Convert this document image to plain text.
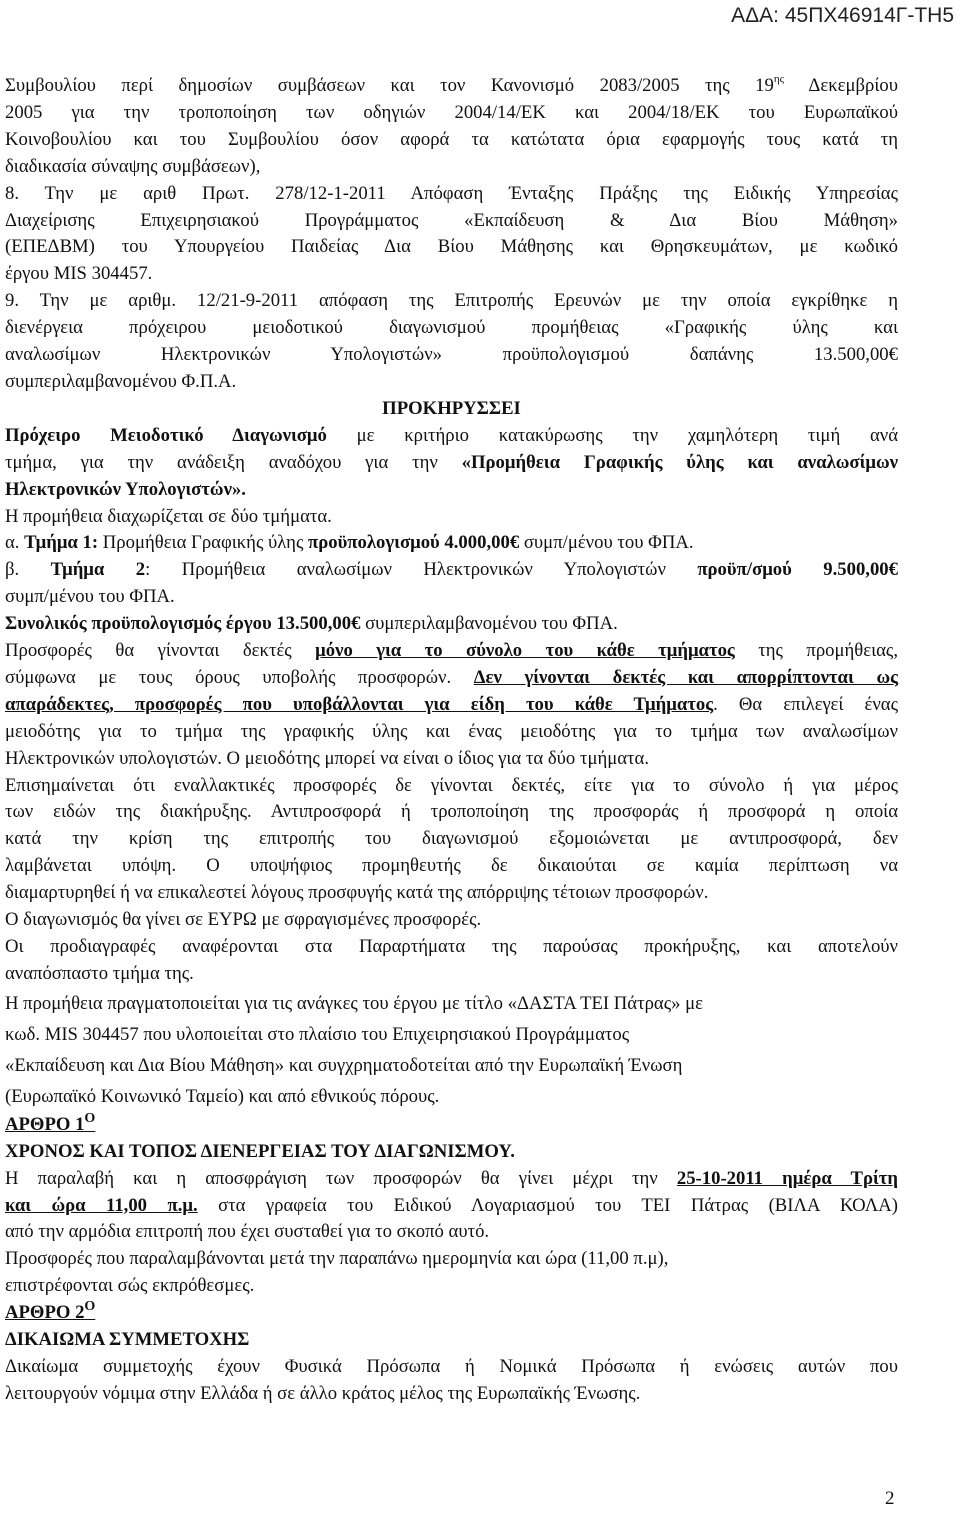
ΑΔΑ: 45ΠΧ46914Γ-ΤΗ5

Συμβουλίου περί δημοσίων συμβάσεων και τον Κανονισμό 2083/2005 της $19^{\eta\varsigma}$ Δεκεμβρίου

2005 για την τροποποίηση των οδηγιών 2004/14/ΕΚ και 2004/18/ΕΚ του Ευρωπαϊκού

Κοινοβουλίου και του Συμβουλίου όσον αφορά τα κατώτατα όρια εφαρμογής τους κατά τη

διαδικασία σύναψης συμβάσεων),

8. Την με αριθ Πρωτ. 278/12-1-2011 Απόφαση Ένταξης Πράξης της Ειδικής Υπηρεσίας

Διαχείρισης Επιχειρησιακού Προγράμματος «Εκπαίδευση & Δια Βίου Μάθηση»

(ΕΠΕΔΒΜ) του Υπουργείου Παιδείας Δια Βίου Μάθησης και Θρησκευμάτων, με κωδικό

έργου MIS 304457.

9. Την με αριθμ. 12/21-9-2011 απόφαση της Επιτροπής Ερευνών με την οποία εγκρίθηκε η

διενέργεια πρόχειρου μειοδοτικού διαγωνισμού προμήθειας «Γραφικής ύλης και

αναλωσίμων Ηλεκτρονικών Υπολογιστών» προϋπολογισμού δαπάνης 13.500,00€

συμπεριλαμβανομένου Φ.Π.Α.

ΠΡΟΚΗΡΥΣΣΕΙ

Πρόχειρο Μειοδοτικό Διαγωνισμό με κριτήριο κατακύρωσης την χαμηλότερη τιμή ανά

τμήμα, για την ανάδειξη αναδόχου για την «Προμήθεια Γραφικής ύλης και αναλωσίμων

Ηλεκτρονικών Υπολογιστών».

Η προμήθεια διαχωρίζεται σε δύο τμήματα.

α. Τμήμα 1: Προμήθεια Γραφικής ύλης προϋπολογισμού 4.000,00€ συμπ/μένου του ΦΠΑ.

β. Τμήμα 2: Προμήθεια αναλωσίμων Ηλεκτρονικών Υπολογιστών προϋπ/σμού 9.500,00€

συμπ/μένου του ΦΠΑ.

Συνολικός προϋπολογισμός έργου 13.500,00€ συμπεριλαμβανομένου του ΦΠΑ.

Προσφορές θα γίνονται δεκτές μόνο για το σύνολο του κάθε τμήματος της προμήθειας,

σύμφωνα με τους όρους υποβολής προσφορών. Δεν γίνονται δεκτές και απορρίπτονται ως

απαράδεκτες, προσφορές που υποβάλλονται για είδη του κάθε Τμήματος. Θα επιλεγεί ένας

μειοδότης για το τμήμα της γραφικής ύλης και ένας μειοδότης για το τμήμα των αναλωσίμων

Ηλεκτρονικών υπολογιστών. Ο μειοδότης μπορεί να είναι ο ίδιος για τα δύο τμήματα.

Επισημαίνεται ότι εναλλακτικές προσφορές δε γίνονται δεκτές, είτε για το σύνολο ή για μέρος

των ειδών της διακήρυξης. Αντιπροσφορά ή τροποποίηση της προσφοράς ή προσφορά η οποία

κατά την κρίση της επιτροπής του διαγωνισμού εξομοιώνεται με αντιπροσφορά, δεν

λαμβάνεται υπόψη. Ο υποψήφιος προμηθευτής δε δικαιούται σε καμία περίπτωση να

διαμαρτυρηθεί ή να επικαλεστεί λόγους προσφυγής κατά της απόρριψης τέτοιων προσφορών.

Ο διαγωνισμός θα γίνει σε ΕΥΡΩ με σφραγισμένες προσφορές.

Οι προδιαγραφές αναφέρονται στα Παραρτήματα της παρούσας προκήρυξης, και αποτελούν

αναπόσπαστο τμήμα της.

Η προμήθεια πραγματοποιείται για τις ανάγκες του έργου με τίτλο «ΔΑΣΤΑ ΤΕΙ Πάτρας» με

κωδ. MIS 304457 που υλοποιείται στο πλαίσιο του Επιχειρησιακού Προγράμματος

«Εκπαίδευση και Δια Βίου Μάθηση» και συγχρηματοδοτείται από την Ευρωπαϊκή Ένωση

(Ευρωπαϊκό Κοινωνικό Ταμείο) και από εθνικούς πόρους.

ΑΡΘΡΟ $1^O$

ΧΡΟΝΟΣ ΚΑΙ ΤΟΠΟΣ ΔΙΕΝΕΡΓΕΙΑΣ ΤΟΥ ΔΙΑΓΩΝΙΣΜΟΥ.

Η παραλαβή και η αποσφράγιση των προσφορών θα γίνει μέχρι την 25-10-2011 ημέρα Τρίτη

και ώρα 11,00 π.μ. στα γραφεία του Ειδικού Λογαριασμού του ΤΕΙ Πάτρας (ΒΙΛΑ ΚΟΛΑ)

από την αρμόδια επιτροπή που έχει συσταθεί για το σκοπό αυτό.

Προσφορές που παραλαμβάνονται μετά την παραπάνω ημερομηνία και ώρα (11,00 π.μ),

επιστρέφονται σώς εκπρόθεσμες.

ΑΡΘΡΟ $2^O$

ΔΙΚΑΙΩΜΑ ΣΥΜΜΕΤΟΧΗΣ

Δικαίωμα συμμετοχής έχουν Φυσικά Πρόσωπα ή Νομικά Πρόσωπα ή ενώσεις αυτών που

λειτουργούν νόμιμα στην Ελλάδα ή σε άλλο κράτος μέλος της Ευρωπαϊκής Ένωσης.

2
